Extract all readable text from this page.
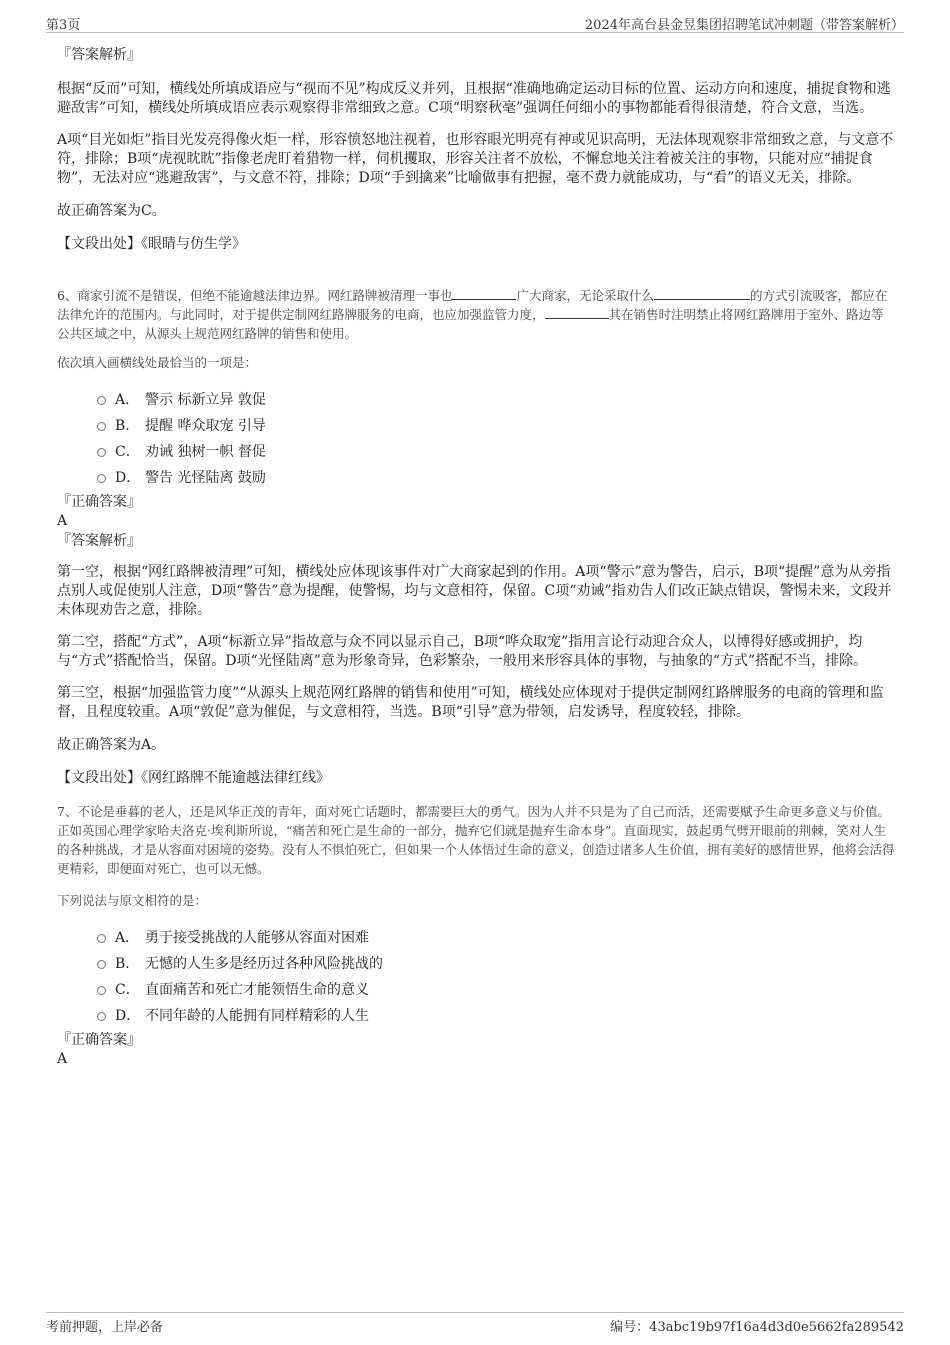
第3页	2024年高台县金昱集团招聘笔试冲刺题（带答案解析）

『答案解析』

根据“反而”可知，横线处所填成语应与“视而不见”构成反义并列，且根据“准确地确定运动目标的位置、运动方向和速度，捕捉食物和逃避敌害”可知，横线处所填成语应表示观察得非常细致之意。C项“明察秋毫”强调任何细小的事物都能看得很清楚，符合文意，当选。

A项“目光如炬”指目光发亮得像火炬一样，形容愤怒地注视着，也形容眼光明亮有神或见识高明，无法体现观察非常细致之意，与文意不符，排除；B项“虎视眈眈”指像老虎盯着猎物一样，伺机攫取，形容关注者不放松，不懈怠地关注着被关注的事物，只能对应“捕捉食物”，无法对应“逃避敌害”，与文意不符，排除；D项“手到擒来”比喻做事有把握，毫不费力就能成功，与“看”的语义无关，排除。

故正确答案为C。

【文段出处】《眼睛与仿生学》

6、商家引流不是错误，但绝不能逾越法律边界。网红路牌被清理一事也	广大商家，无论采取什么	的方式引流吸客，都应在法律允许的范围内。与此同时，对于提供定制网红路牌服务的电商，也应加强监管力度，	其在销售时注明禁止将网红路牌用于室外、路边等公共区域之中，从源头上规范网红路牌的销售和使用。

依次填入画横线处最恰当的一项是：

A． 警示 标新立异 敦促
B． 提醒 哗众取宠 引导
C． 劝诫 独树一帜 督促
D． 警告 光怪陆离 鼓励

『正确答案』

A

『答案解析』

第一空，根据“网红路牌被清理”可知，横线处应体现该事件对广大商家起到的作用。A项“警示”意为警告，启示，B项“提醒”意为从旁指点别人或促使别人注意，D项“警告”意为提醒，使警惕，均与文意相符，保留。C项“劝诫”指劝告人们改正缺点错误，警惕未来，文段并未体现劝告之意，排除。

第二空，搭配“方式”，A项“标新立异”指故意与众不同以显示自己，B项“哗众取宠”指用言论行动迎合众人，以博得好感或拥护，均与“方式”搭配恰当，保留。D项“光怪陆离”意为形象奇异，色彩繁杂，一般用来形容具体的事物，与抽象的“方式”搭配不当，排除。

第三空，根据“加强监管力度”“从源头上规范网红路牌的销售和使用”可知，横线处应体现对于提供定制网红路牌服务的电商的管理和监督，且程度较重。A项“敦促”意为催促，与文意相符，当选。B项“引导”意为带领，启发诱导，程度较轻，排除。

故正确答案为A。

【文段出处】《网红路牌不能逾越法律红线》

7、不论是垂暮的老人，还是风华正茂的青年，面对死亡话题时，都需要巨大的勇气。因为人并不只是为了自己而活，还需要赋予生命更多意义与价值。正如英国心理学家哈夫洛克·埃利斯所说，“痛苦和死亡是生命的一部分，抛弃它们就是抛弃生命本身”。直面现实，鼓起勇气劈开眼前的荆棘，笑对人生的各种挑战，才是从容面对困境的姿势。没有人不惧怕死亡，但如果一个人体悟过生命的意义，创造过诸多人生价值，拥有美好的感情世界，他将会活得更精彩，即便面对死亡，也可以无憾。

下列说法与原文相符的是：

A． 勇于接受挑战的人能够从容面对困难
B． 无憾的人生多是经历过各种风险挑战的
C． 直面痛苦和死亡才能领悟生命的意义
D． 不同年龄的人能拥有同样精彩的人生

『正确答案』

A

考前押题，上岸必备	编号：43abc19b97f16a4d3d0e5662fa289542
